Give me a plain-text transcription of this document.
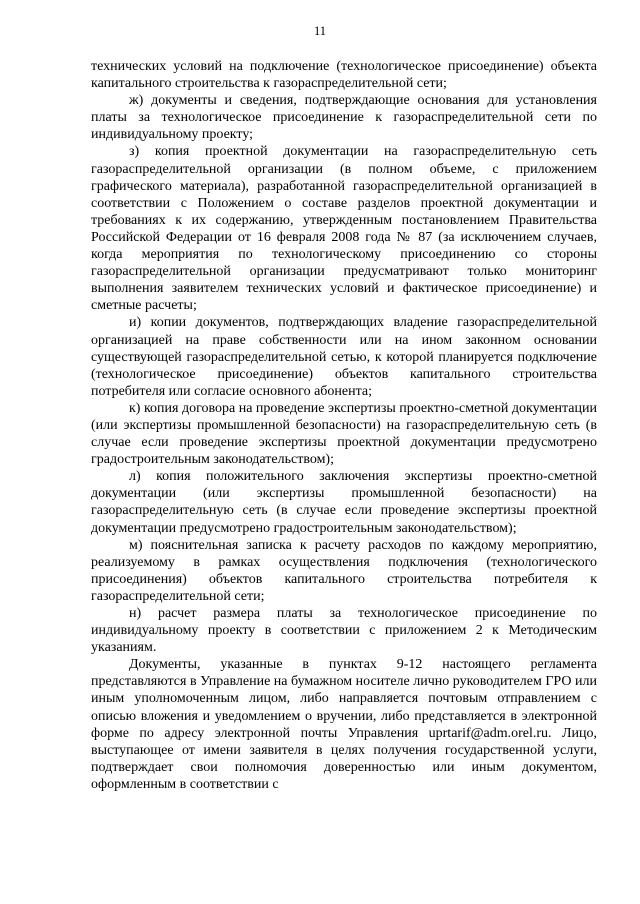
11

технических условий на подключение (технологическое присоединение) объекта капитального строительства к газораспределительной сети;

ж) документы и сведения, подтверждающие основания для установления платы за технологическое присоединение к газораспределительной сети по индивидуальному проекту;

з) копия проектной документации на газораспределительную сеть газораспределительной организации (в полном объеме, с приложением графического материала), разработанной газораспределительной организацией в соответствии с Положением о составе разделов проектной документации и требованиях к их содержанию, утвержденным постановлением Правительства Российской Федерации от 16 февраля 2008 года № 87 (за исключением случаев, когда мероприятия по технологическому присоединению со стороны газораспределительной организации предусматривают только мониторинг выполнения заявителем технических условий и фактическое присоединение) и сметные расчеты;

и) копии документов, подтверждающих владение газораспределительной организацией на праве собственности или на ином законном основании существующей газораспределительной сетью, к которой планируется подключение (технологическое присоединение) объектов капитального строительства потребителя или согласие основного абонента;

к) копия договора на проведение экспертизы проектно-сметной документации (или экспертизы промышленной безопасности) на газораспределительную сеть (в случае если проведение экспертизы проектной документации предусмотрено градостроительным законодательством);

л) копия положительного заключения экспертизы проектно-сметной документации (или экспертизы промышленной безопасности) на газораспределительную сеть (в случае если проведение экспертизы проектной документации предусмотрено градостроительным законодательством);

м) пояснительная записка к расчету расходов по каждому мероприятию, реализуемому в рамках осуществления подключения (технологического присоединения) объектов капитального строительства потребителя к газораспределительной сети;

н) расчет размера платы за технологическое присоединение по индивидуальному проекту в соответствии с приложением 2 к Методическим указаниям.

Документы, указанные в пунктах 9-12 настоящего регламента представляются в Управление на бумажном носителе лично руководителем ГРО или иным уполномоченным лицом, либо направляется почтовым отправлением с описью вложения и уведомлением о вручении, либо представляется в электронной форме по адресу электронной почты Управления uprtarif@adm.orel.ru. Лицо, выступающее от имени заявителя в целях получения государственной услуги, подтверждает свои полномочия доверенностью или иным документом, оформленным в соответствии с
